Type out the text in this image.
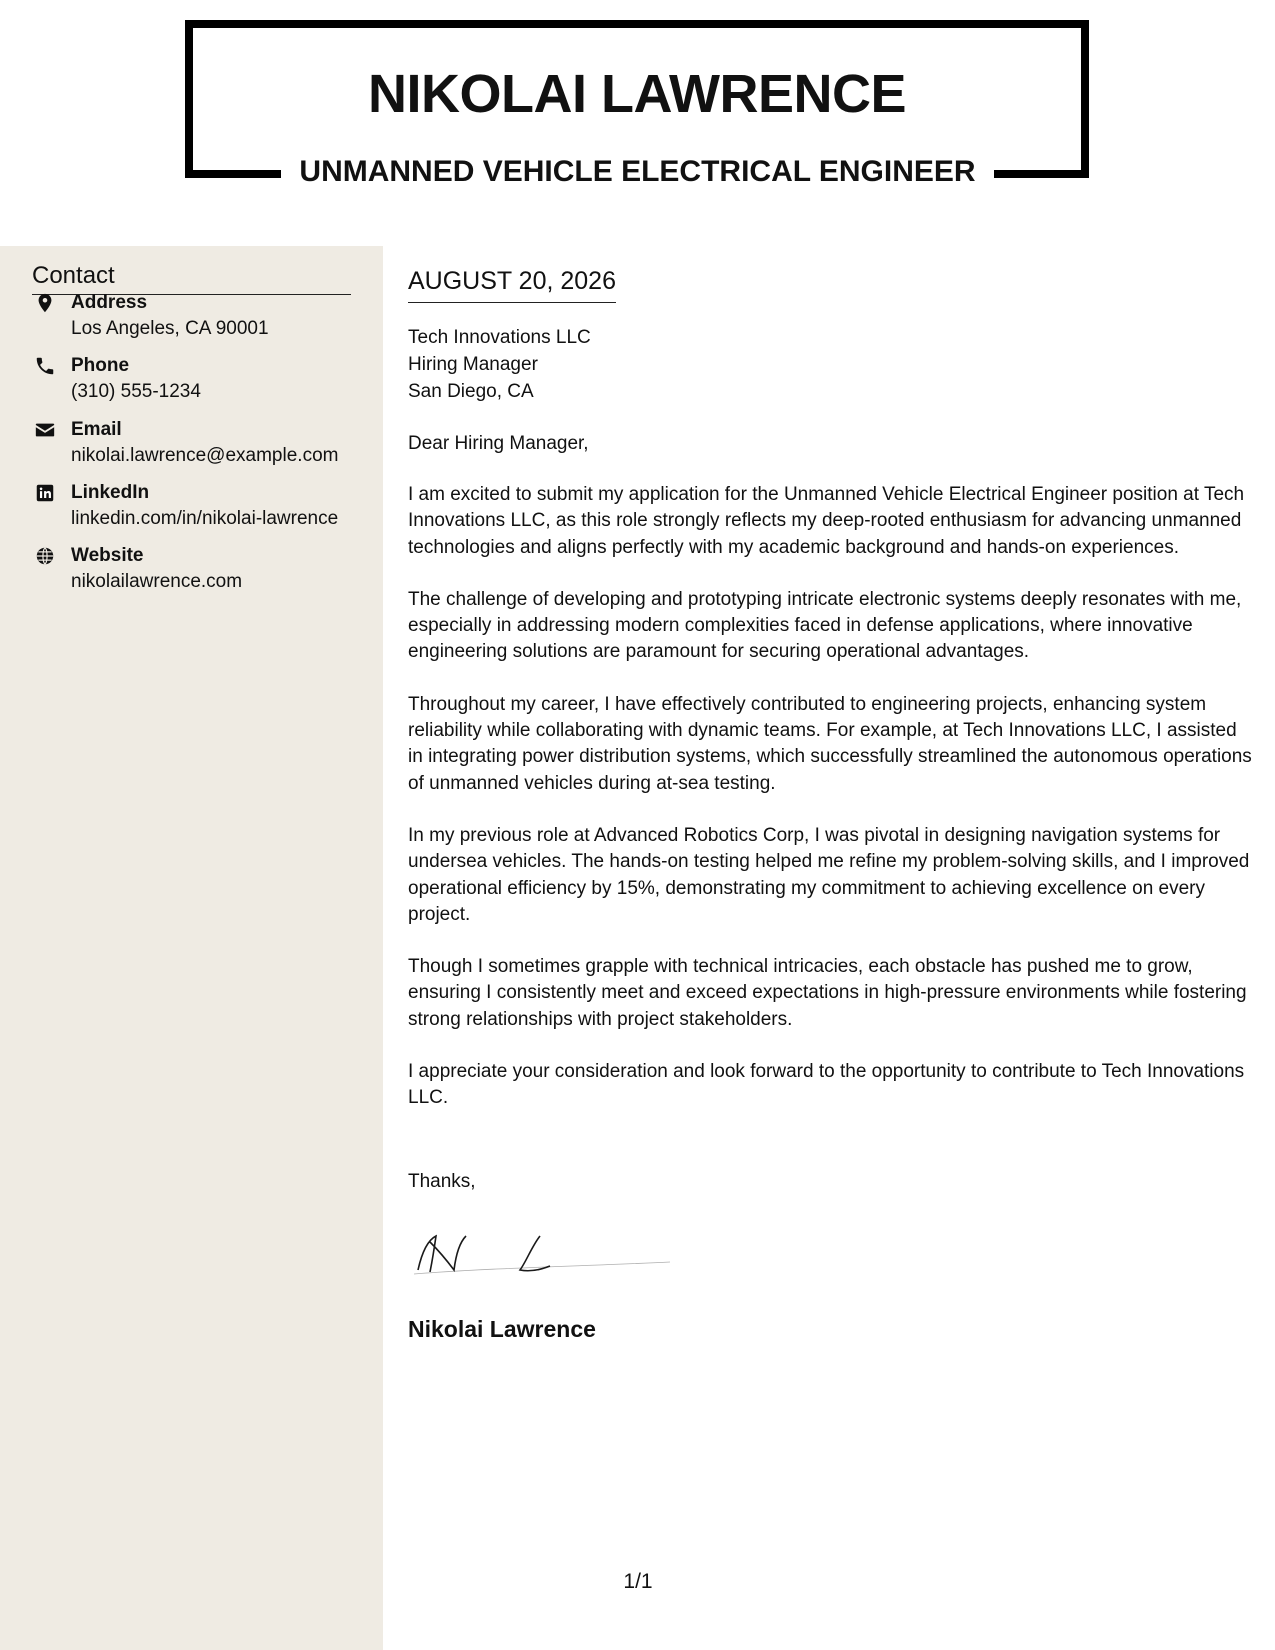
NIKOLAI LAWRENCE
UNMANNED VEHICLE ELECTRICAL ENGINEER
Contact
Address
Los Angeles, CA 90001
Phone
(310) 555-1234
Email
nikolai.lawrence@example.com
LinkedIn
linkedin.com/in/nikolai-lawrence
Website
nikolailawrence.com
AUGUST 20, 2026
Tech Innovations LLC
Hiring Manager
San Diego, CA
Dear Hiring Manager,

I am excited to submit my application for the Unmanned Vehicle Electrical Engineer position at Tech Innovations LLC, as this role strongly reflects my deep-rooted enthusiasm for advancing unmanned technologies and aligns perfectly with my academic background and hands-on experiences.

The challenge of developing and prototyping intricate electronic systems deeply resonates with me, especially in addressing modern complexities faced in defense applications, where innovative engineering solutions are paramount for securing operational advantages.

Throughout my career, I have effectively contributed to engineering projects, enhancing system reliability while collaborating with dynamic teams. For example, at Tech Innovations LLC, I assisted in integrating power distribution systems, which successfully streamlined the autonomous operations of unmanned vehicles during at-sea testing.

In my previous role at Advanced Robotics Corp, I was pivotal in designing navigation systems for undersea vehicles. The hands-on testing helped me refine my problem-solving skills, and I improved operational efficiency by 15%, demonstrating my commitment to achieving excellence on every project.

Though I sometimes grapple with technical intricacies, each obstacle has pushed me to grow, ensuring I consistently meet and exceed expectations in high-pressure environments while fostering strong relationships with project stakeholders.

I appreciate your consideration and look forward to the opportunity to contribute to Tech Innovations LLC.

Thanks,
Nikolai Lawrence
1/1
